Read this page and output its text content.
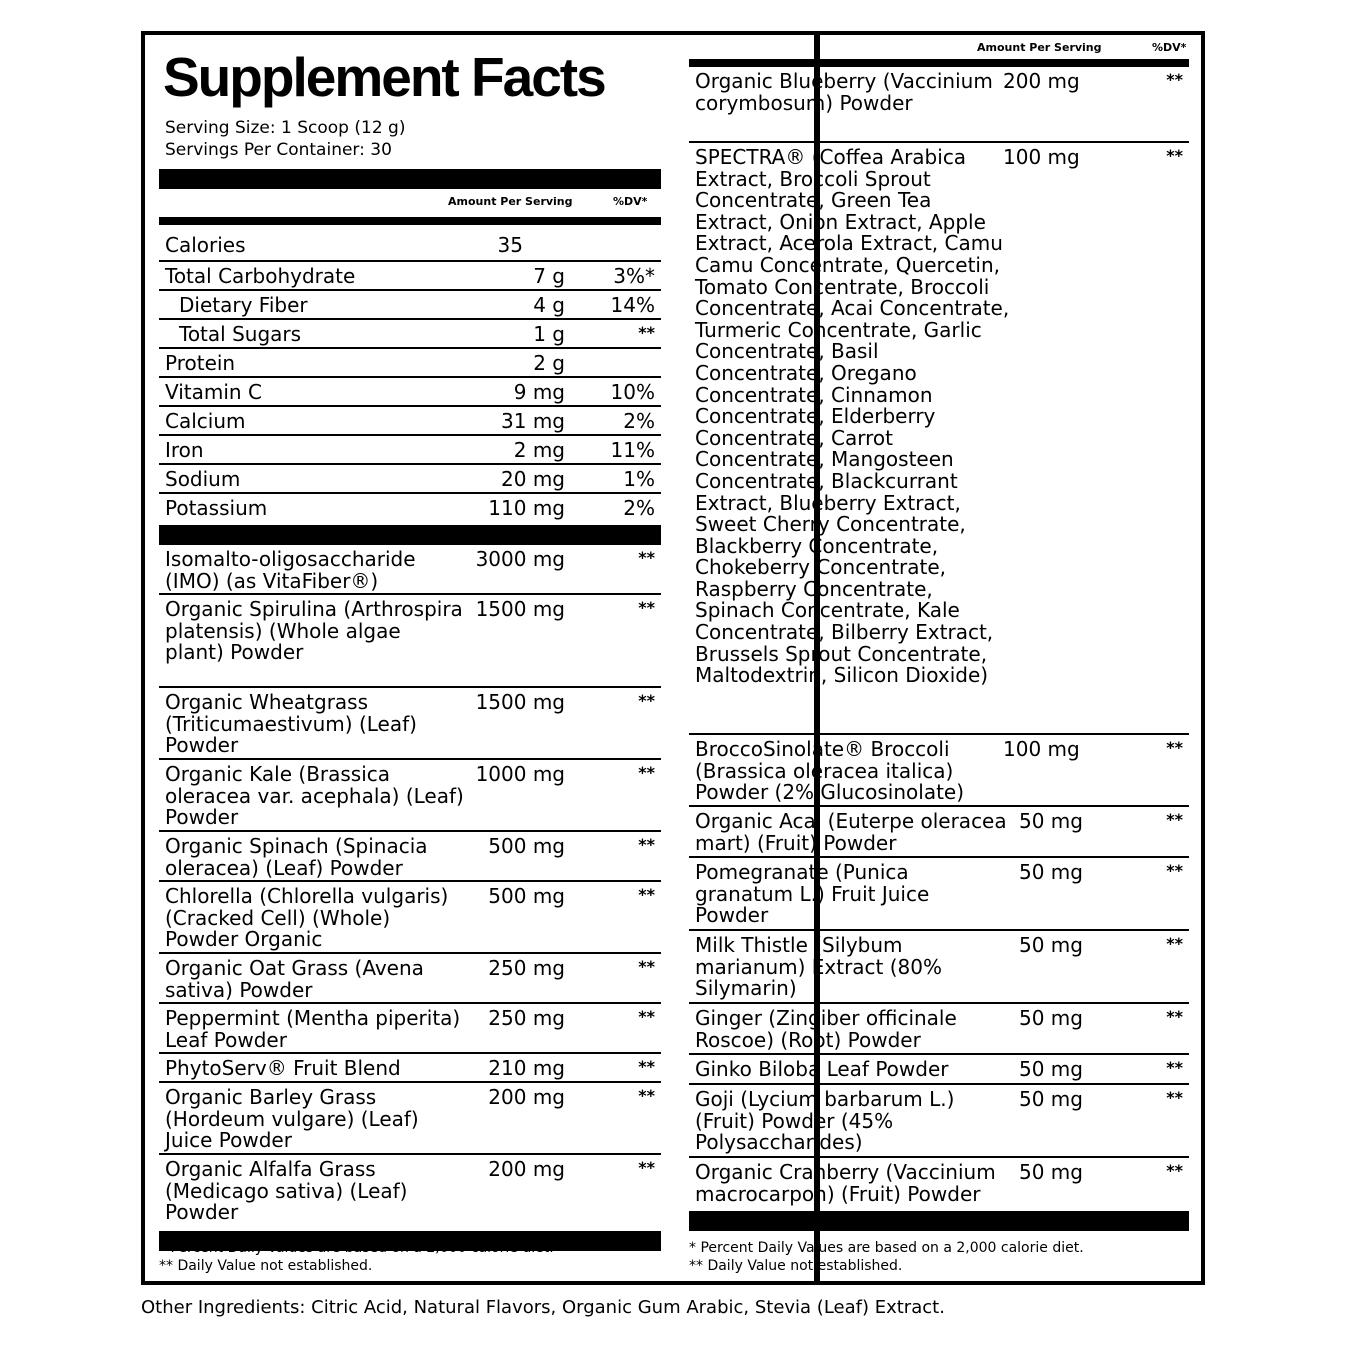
Supplement Facts
Serving Size: 1 Scoop (12 g)
Servings Per Container: 30
Amount Per Serving	%DV*
Calories	35
Total Carbohydrate	7 g 3%*
Dietary Fiber	4 g 14%
Total Sugars	1 g	**
Protein	2 g
Vitamin C	9 mg 10%
Calcium	31 mg	2%
Iron	2 mg 11%
Sodium	20 mg	1%
Potassium	110 mg	2%
Isomalto-oligosaccharide (IMO) (as VitaFiber®)
3000 mg	**
Organic Spirulina (Arthrospira platensis) (Whole algae plant) Powder
1500 mg	**
Organic Wheatgrass (Triticumaestivum) (Leaf) Powder
1500 mg	**
Organic Kale (Brassica oleracea var. acephala) (Leaf) Powder
1000 mg	**
Organic Spinach (Spinacia oleracea) (Leaf) Powder
500 mg	**
Chlorella (Chlorella vulgaris) (Cracked Cell) (Whole) Powder Organic
500 mg	**
Organic Oat Grass (Avena sativa) Powder
250 mg	**
Peppermint (Mentha piperita) Leaf Powder
250 mg	**
PhytoServ® Fruit Blend	210 mg	**
Organic Barley Grass (Hordeum vulgare) (Leaf) Juice Powder
200 mg	**
Organic Alfalfa Grass (Medicago sativa) (Leaf) Powder
200 mg	**
* Percent Daily Values are based on a 2,000 calorie diet.
** Daily Value not established.
Amount Per Serving	%DV*
Organic Blueberry (Vaccinium corymbosum) Powder
200 mg	**
SPECTRA® (Coffea Arabica Extract, Broccoli Sprout Concentrate, Green Tea Extract, Onion Extract, Apple Extract, Acerola Extract, Camu Camu Concentrate, Quercetin, Tomato Concentrate, Broccoli Concentrate, Acai Concentrate, Turmeric Concentrate, Garlic Concentrate, Basil Concentrate, Oregano Concentrate, Cinnamon Concentrate, Elderberry Concentrate, Carrot Concentrate, Mangosteen Concentrate, Blackcurrant Extract, Blueberry Extract, Sweet Cherry Concentrate, Blackberry Concentrate, Chokeberry Concentrate, Raspberry Concentrate, Spinach Concentrate, Kale Concentrate, Bilberry Extract, Brussels Sprout Concentrate, Maltodextrin, Silicon Dioxide)
100 mg	**
BroccoSinolate® Broccoli (Brassica oleracea italica) Powder (2% Glucosinolate)
100 mg	**
Organic Acai (Euterpe oleracea mart) (Fruit) Powder
50 mg	**
Pomegranate (Punica granatum L.) Fruit Juice Powder
50 mg	**
Milk Thistle (Silybum marianum) Extract (80% Silymarin)
50 mg	**
Ginger (Zingiber officinale Roscoe) (Root) Powder
50 mg	**
Ginko Biloba Leaf Powder	50 mg	**
Goji (Lycium barbarum L.) (Fruit) Powder (45% Polysaccharides)
50 mg	**
Organic Cranberry (Vaccinium macrocarpon) (Fruit) Powder
50 mg	**
* Percent Daily Values are based on a 2,000 calorie diet.
** Daily Value not established.
Other Ingredients: Citric Acid, Natural Flavors, Organic Gum Arabic, Stevia (Leaf) Extract.
